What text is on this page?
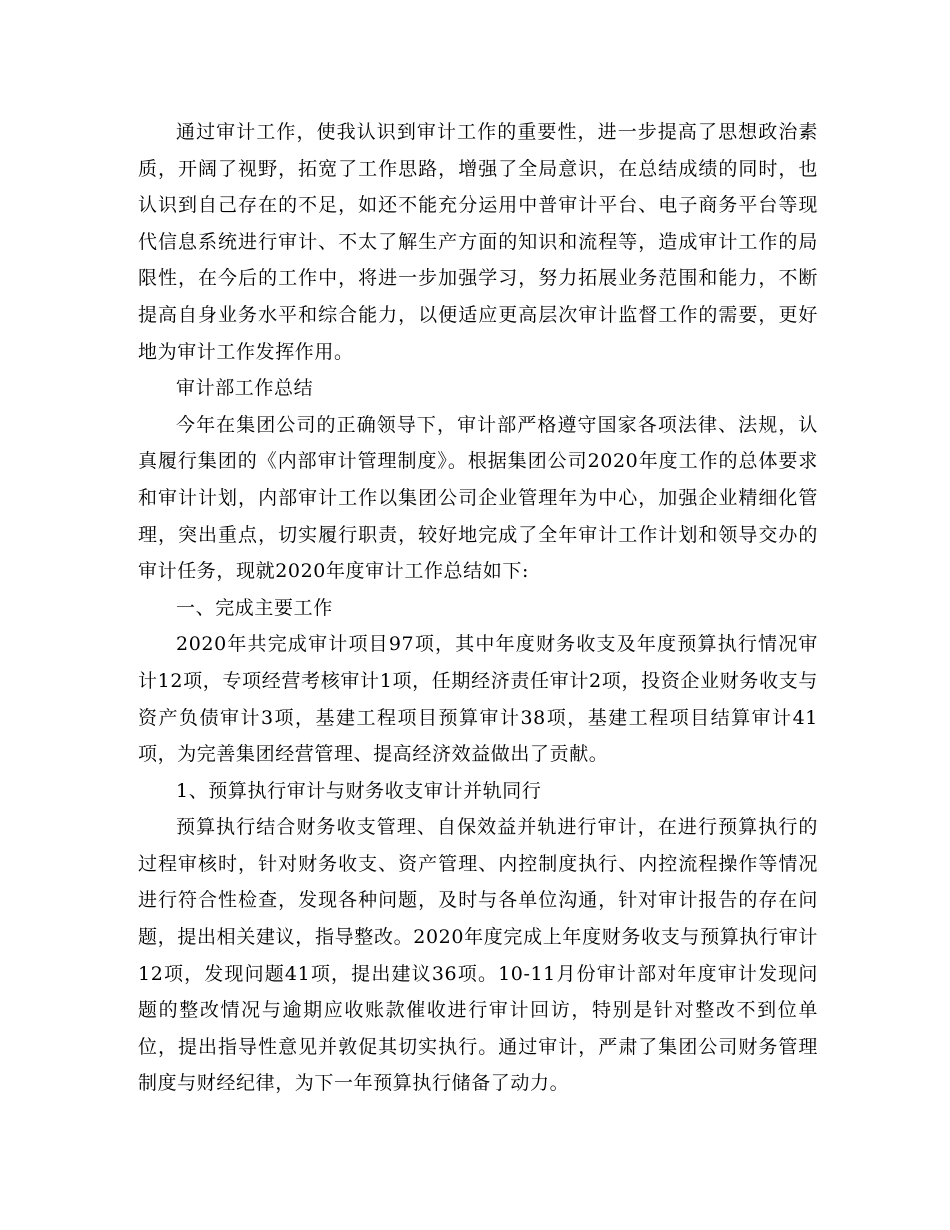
通过审计工作，使我认识到审计工作的重要性，进一步提高了思想政治素质，开阔了视野，拓宽了工作思路，增强了全局意识，在总结成绩的同时，也认识到自己存在的不足，如还不能充分运用中普审计平台、电子商务平台等现代信息系统进行审计、不太了解生产方面的知识和流程等，造成审计工作的局限性，在今后的工作中，将进一步加强学习，努力拓展业务范围和能力，不断提高自身业务水平和综合能力，以便适应更高层次审计监督工作的需要，更好地为审计工作发挥作用。

审计部工作总结

今年在集团公司的正确领导下，审计部严格遵守国家各项法律、法规，认真履行集团的《内部审计管理制度》。根据集团公司2020年度工作的总体要求和审计计划，内部审计工作以集团公司企业管理年为中心，加强企业精细化管理，突出重点，切实履行职责，较好地完成了全年审计工作计划和领导交办的审计任务，现就2020年度审计工作总结如下:

一、完成主要工作

2020年共完成审计项目97项，其中年度财务收支及年度预算执行情况审计12项，专项经营考核审计1项，任期经济责任审计2项，投资企业财务收支与资产负债审计3项，基建工程项目预算审计38项，基建工程项目结算审计41项，为完善集团经营管理、提高经济效益做出了贡献。

1、预算执行审计与财务收支审计并轨同行

预算执行结合财务收支管理、自保效益并轨进行审计，在进行预算执行的过程审核时，针对财务收支、资产管理、内控制度执行、内控流程操作等情况进行符合性检查，发现各种问题，及时与各单位沟通，针对审计报告的存在问题，提出相关建议，指导整改。2020年度完成上年度财务收支与预算执行审计12项，发现问题41项，提出建议36项。10-11月份审计部对年度审计发现问题的整改情况与逾期应收账款催收进行审计回访，特别是针对整改不到位单位，提出指导性意见并敦促其切实执行。通过审计，严肃了集团公司财务管理制度与财经纪律，为下一年预算执行储备了动力。
